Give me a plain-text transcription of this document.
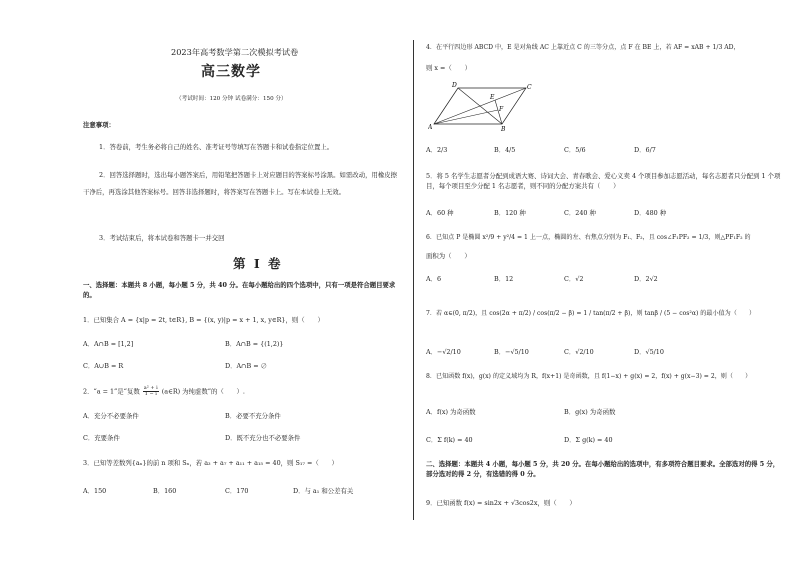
2023年高考数学第二次模拟考试卷
高三数学
（考试时间：120 分钟 试卷满分：150 分）
注意事项：
1．答卷前，考生务必将自己的姓名、准考证号等填写在答题卡和试卷指定位置上。
2．回答选择题时，选出每小题答案后，用铅笔把答题卡上对应题目的答案标号涂黑。如需改动，用橡皮擦干净后，再选涂其他答案标号。回答非选择题时，将答案写在答题卡上。写在本试卷上无效。
3．考试结束后，将本试卷和答题卡一并交回
第 I 卷
一、选择题：本题共 8 小题，每小题 5 分，共 40 分。在每小题给出的四个选项中，只有一项是符合题目要求的。
1．已知集合 A = {x|p = 2t, t∈R}, B = {(x, y)|p = x + 1, x, y∈R}，则（　　）
A．A∩B = [1,2]	B．A∩B = {(1,2)}
C．A∪B = R	D．A∩B = ∅
2．“a = 1”是“复数 $\frac{\text{a² + i}}{1 - i}$ (a∈R) 为纯虚数”的（　　）.
A．充分不必要条件	B．必要不充分条件
C．充要条件	D．既不充分也不必要条件
3．已知等差数列{aₙ}的前 n 项和 Sₙ，若 a₃ + a₇ + a₁₁ + a₁₅ = 40，则 S₁₇ =（　　）
A．150	B．160	C．170	D．与 a₁ 和公差有关
4．在平行四边形 ABCD 中，E 是对角线 AC 上靠近点 C 的三等分点，点 F 在 BE 上，若 AF = xAB + 1/3 AD，
则 x =（　　）
D	C
E
F
A	B
A．2/3	B．4/5	C．5/6	D．6/7
5．将 5 名学生志愿者分配到成语大赛、诗词大会、青春歌会、爱心义卖 4 个项目参加志愿活动，每名志愿者只分配到 1 个项目，每个项目至少分配 1 名志愿者，则不同的分配方案共有（　　）
A．60 种	B．120 种	C．240 种	D．480 种
6．已知点 P 是椭圆 x²/9 + y²/4 = 1 上一点，椭圆的左、右焦点分别为 F₁、F₂，且 cos∠F₁PF₂ = 1/3，则△PF₁F₂ 的
面积为（　　）
A．6	B．12	C．√2	D．2√2
7．若 α∈(0, π/2)，且 cos(2α + π/2) / cos(π/2 − β) = 1 / tan(π/2 + β)，则 tanβ / (5 − cos²α) 的最小值为（　　）
A．−√2/10	B．−√5/10	C．√2/10	D．√5/10
8．已知函数 f(x)，g(x) 的定义域均为 R，f(x+1) 是奇函数，且 f(1−x) + g(x) = 2，f(x) + g(x−3) = 2，则（　　）
A．f(x) 为奇函数	B．g(x) 为奇函数
C．Σ f(k) = 40	D．Σ g(k) = 40
二、选择题：本题共 4 小题，每小题 5 分，共 20 分。在每小题给出的选项中，有多项符合题目要求。全部选对的得 5 分，部分选对的得 2 分，有选错的得 0 分。
9．已知函数 f(x) = sin2x + √3cos2x，则（　　）
